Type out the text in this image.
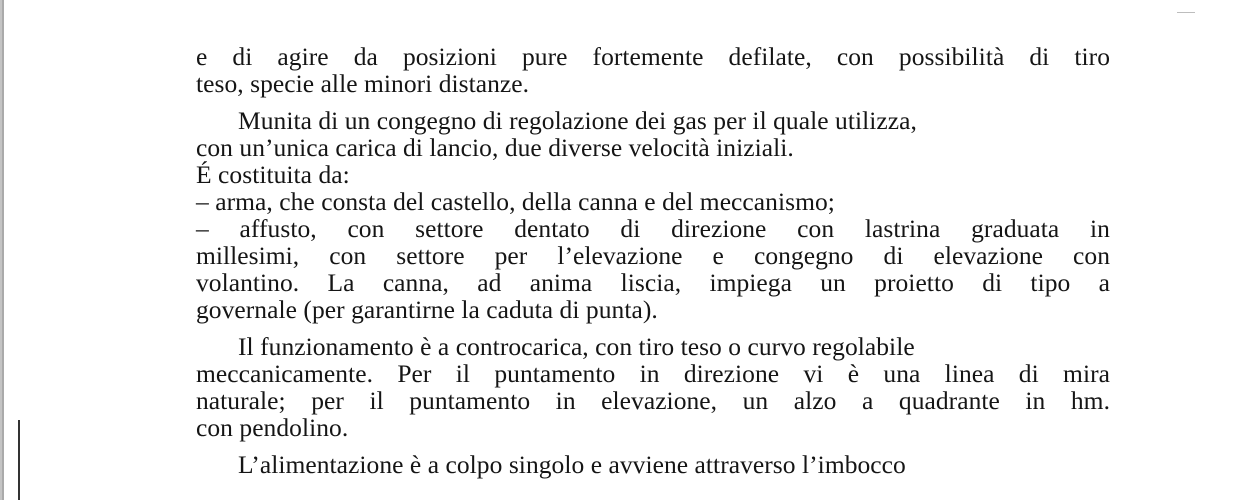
e di agire da posizioni pure fortemente defilate, con possibilità di tiro
teso, specie alle minori distanze.
Munita di un congegno di regolazione dei gas per il quale utilizza,
con un’unica carica di lancio, due diverse velocità iniziali.
É costituita da:
– arma, che consta del castello, della canna e del meccanismo;
– affusto, con settore dentato di direzione con lastrina graduata in
millesimi, con settore per l’elevazione e congegno di elevazione con
volantino. La canna, ad anima liscia, impiega un proietto di tipo a
governale (per garantirne la caduta di punta).
Il funzionamento è a controcarica, con tiro teso o curvo regolabile
meccanicamente. Per il puntamento in direzione vi è una linea di mira
naturale; per il puntamento in elevazione, un alzo a quadrante in hm.
con pendolino.
L’alimentazione è a colpo singolo e avviene attraverso l’imbocco
